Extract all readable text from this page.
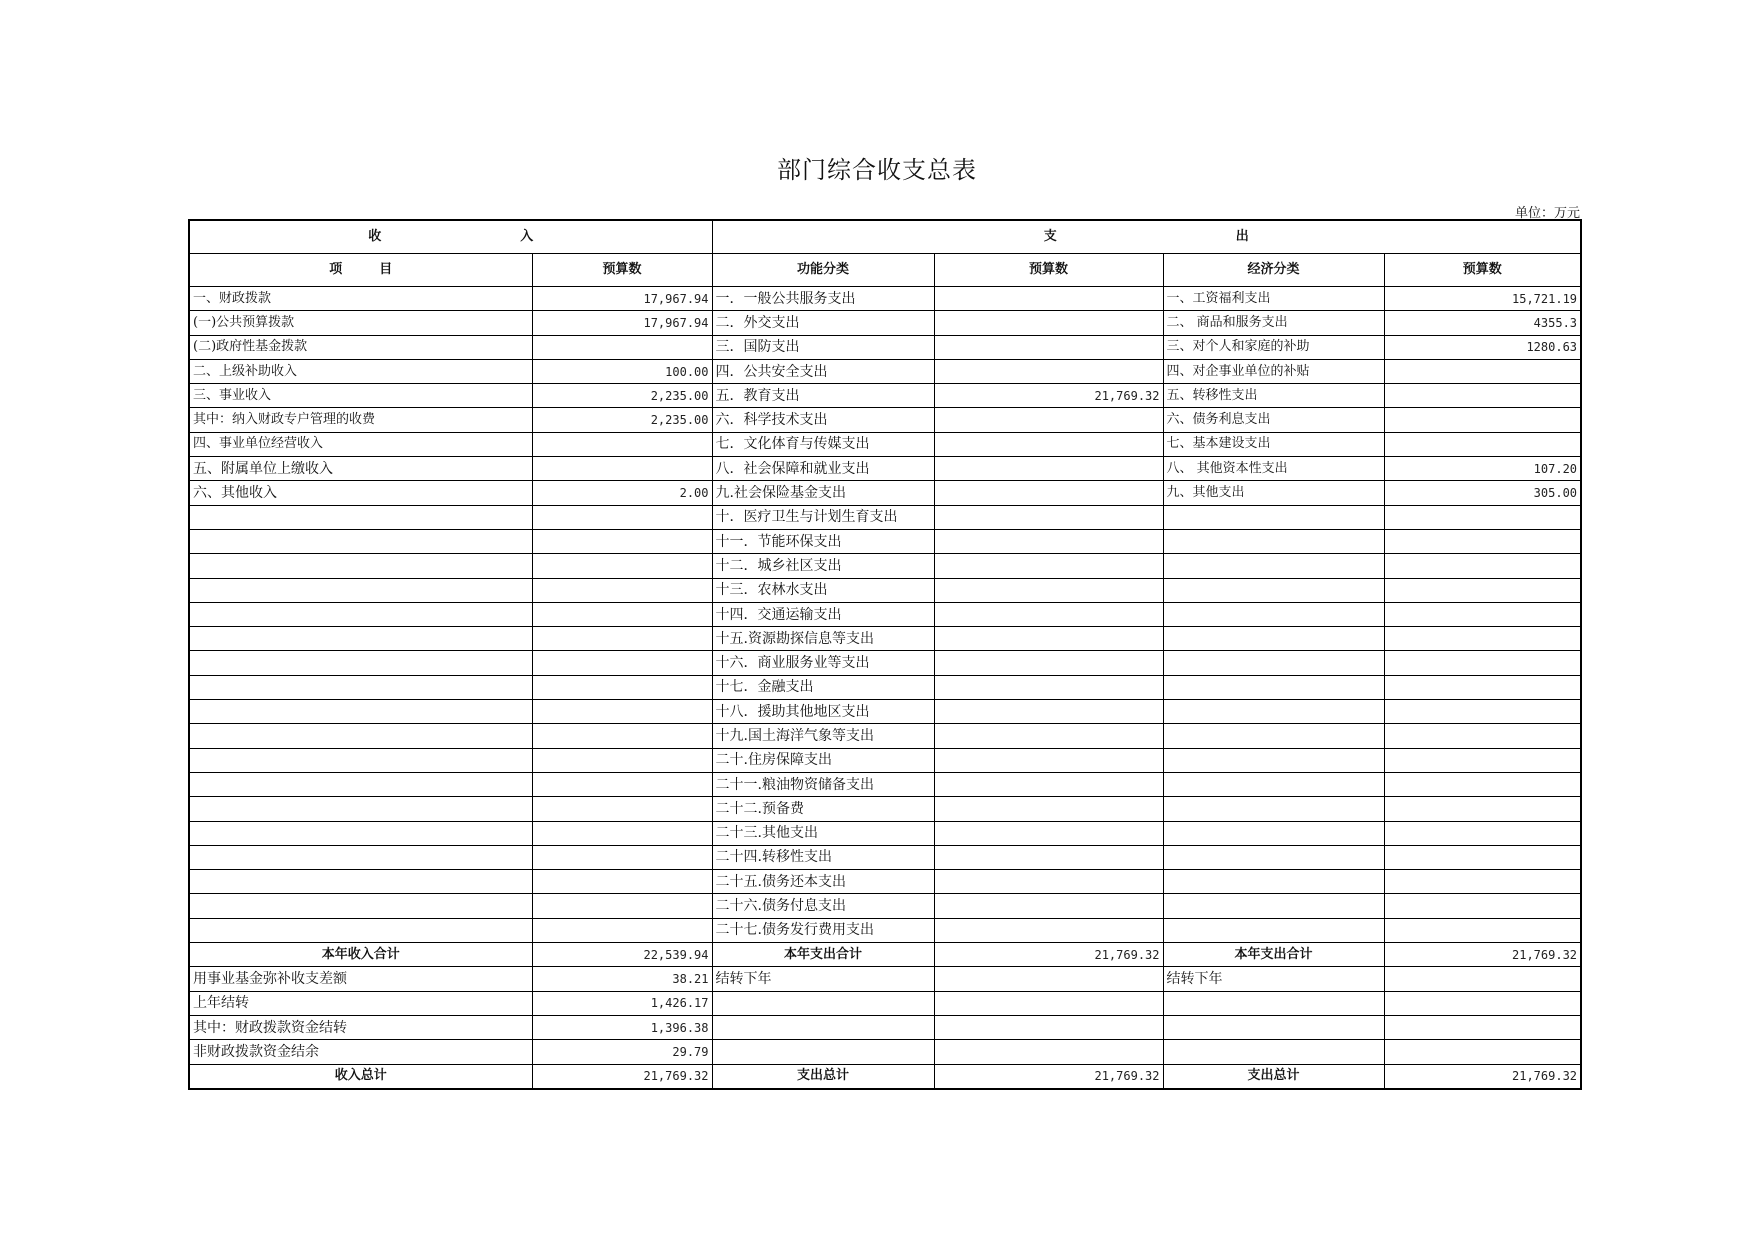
部门综合收支总表
单位：万元
收 入		支 出			
项 目	预算数	功能分类	预算数	经济分类	预算数
一、财政拨款	17,967.94	一．一般公共服务支出		一、工资福利支出	15,721.19
(一)公共预算拨款	17,967.94	二．外交支出		二、 商品和服务支出	4355.3
(二)政府性基金拨款		三．国防支出		三、对个人和家庭的补助	1280.63
二、上级补助收入	100.00	四．公共安全支出		四、对企事业单位的补贴	
三、事业收入	2,235.00	五．教育支出	21,769.32	五、转移性支出	
其中：纳入财政专户管理的收费	2,235.00	六．科学技术支出		六、债务利息支出	
四、事业单位经营收入		七．文化体育与传媒支出		七、基本建设支出	
五、附属单位上缴收入		八．社会保障和就业支出		八、 其他资本性支出	107.20
六、其他收入	2.00	九.社会保险基金支出		九、其他支出	305.00
		十．医疗卫生与计划生育支出			
		十一．节能环保支出			
		十二．城乡社区支出			
		十三．农林水支出			
		十四．交通运输支出			
		十五.资源勘探信息等支出			
		十六．商业服务业等支出			
		十七．金融支出			
		十八．援助其他地区支出			
		十九.国土海洋气象等支出			
		二十.住房保障支出			
		二十一.粮油物资储备支出			
		二十二.预备费			
		二十三.其他支出			
		二十四.转移性支出			
		二十五.债务还本支出			
		二十六.债务付息支出			
		二十七.债务发行费用支出			
本年收入合计	22,539.94	本年支出合计	21,769.32	本年支出合计	21,769.32
用事业基金弥补收支差额	38.21	结转下年		结转下年	
上年结转	1,426.17				
其中：财政拨款资金结转	1,396.38				
非财政拨款资金结余	29.79				
收入总计	21,769.32	支出总计	21,769.32	支出总计	21,769.32
